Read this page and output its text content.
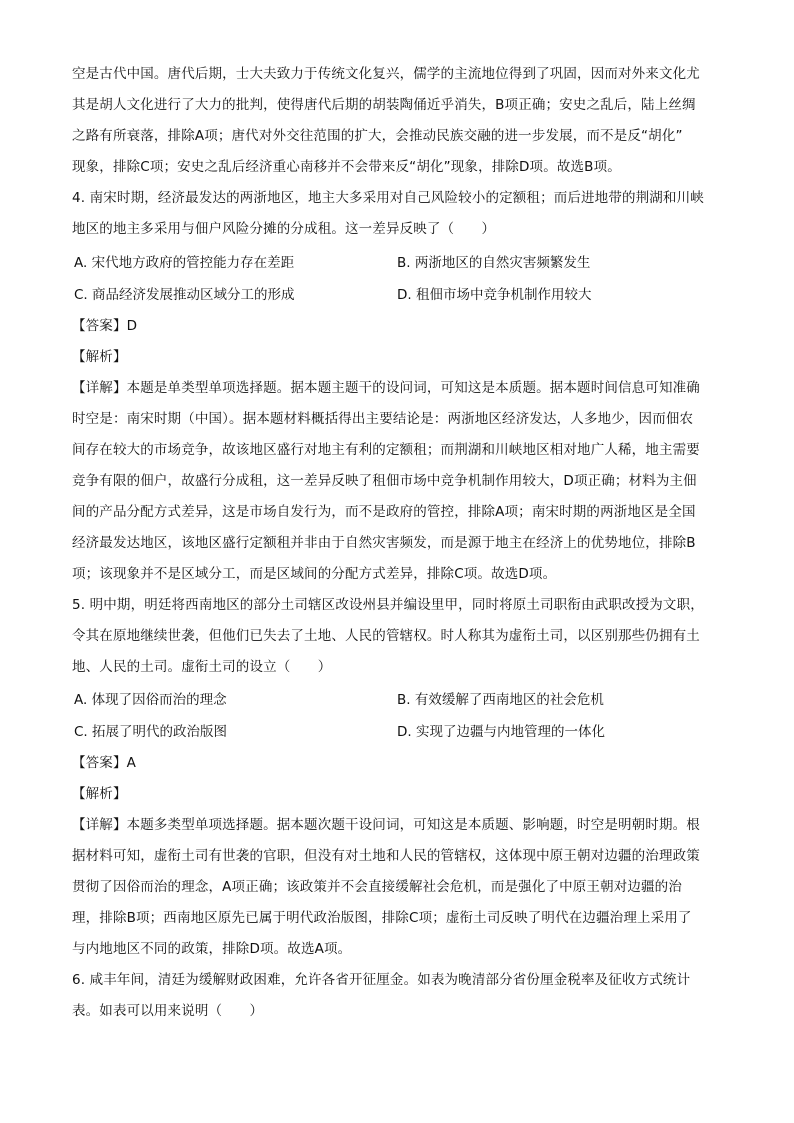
空是古代中国。唐代后期，士大夫致力于传统文化复兴，儒学的主流地位得到了巩固，因而对外来文化尤
其是胡人文化进行了大力的批判，使得唐代后期的胡装陶俑近乎消失，B项正确；安史之乱后，陆上丝绸
之路有所衰落，排除A项；唐代对外交往范围的扩大，会推动民族交融的进一步发展，而不是反“胡化”
现象，排除C项；安史之乱后经济重心南移并不会带来反“胡化”现象，排除D项。故选B项。
4. 南宋时期，经济最发达的两浙地区，地主大多采用对自己风险较小的定额租；而后进地带的荆湖和川峡
地区的地主多采用与佃户风险分摊的分成租。这一差异反映了（　　）
A. 宋代地方政府的管控能力存在差距	B. 两浙地区的自然灾害频繁发生
C. 商品经济发展推动区域分工的形成	D. 租佃市场中竞争机制作用较大
【答案】D
【解析】
【详解】本题是单类型单项选择题。据本题主题干的设问词，可知这是本质题。据本题时间信息可知准确
时空是：南宋时期（中国）。据本题材料概括得出主要结论是：两浙地区经济发达，人多地少，因而佃农
间存在较大的市场竞争，故该地区盛行对地主有利的定额租；而荆湖和川峡地区相对地广人稀，地主需要
竞争有限的佃户，故盛行分成租，这一差异反映了租佃市场中竞争机制作用较大，D项正确；材料为主佃
间的产品分配方式差异，这是市场自发行为，而不是政府的管控，排除A项；南宋时期的两浙地区是全国
经济最发达地区，该地区盛行定额租并非由于自然灾害频发，而是源于地主在经济上的优势地位，排除B
项；该现象并不是区域分工，而是区域间的分配方式差异，排除C项。故选D项。
5. 明中期，明廷将西南地区的部分土司辖区改设州县并编设里甲，同时将原土司职衔由武职改授为文职，
令其在原地继续世袭，但他们已失去了土地、人民的管辖权。时人称其为虚衔土司，以区别那些仍拥有土
地、人民的土司。虚衔土司的设立（　　）
A. 体现了因俗而治的理念	B. 有效缓解了西南地区的社会危机
C. 拓展了明代的政治版图	D. 实现了边疆与内地管理的一体化
【答案】A
【解析】
【详解】本题多类型单项选择题。据本题次题干设问词，可知这是本质题、影响题，时空是明朝时期。根
据材料可知，虚衔土司有世袭的官职，但没有对土地和人民的管辖权，这体现中原王朝对边疆的治理政策
贯彻了因俗而治的理念，A项正确；该政策并不会直接缓解社会危机，而是强化了中原王朝对边疆的治
理，排除B项；西南地区原先已属于明代政治版图，排除C项；虚衔土司反映了明代在边疆治理上采用了
与内地地区不同的政策，排除D项。故选A项。
6. 咸丰年间，清廷为缓解财政困难，允许各省开征厘金。如表为晚清部分省份厘金税率及征收方式统计
表。如表可以用来说明（　　）
